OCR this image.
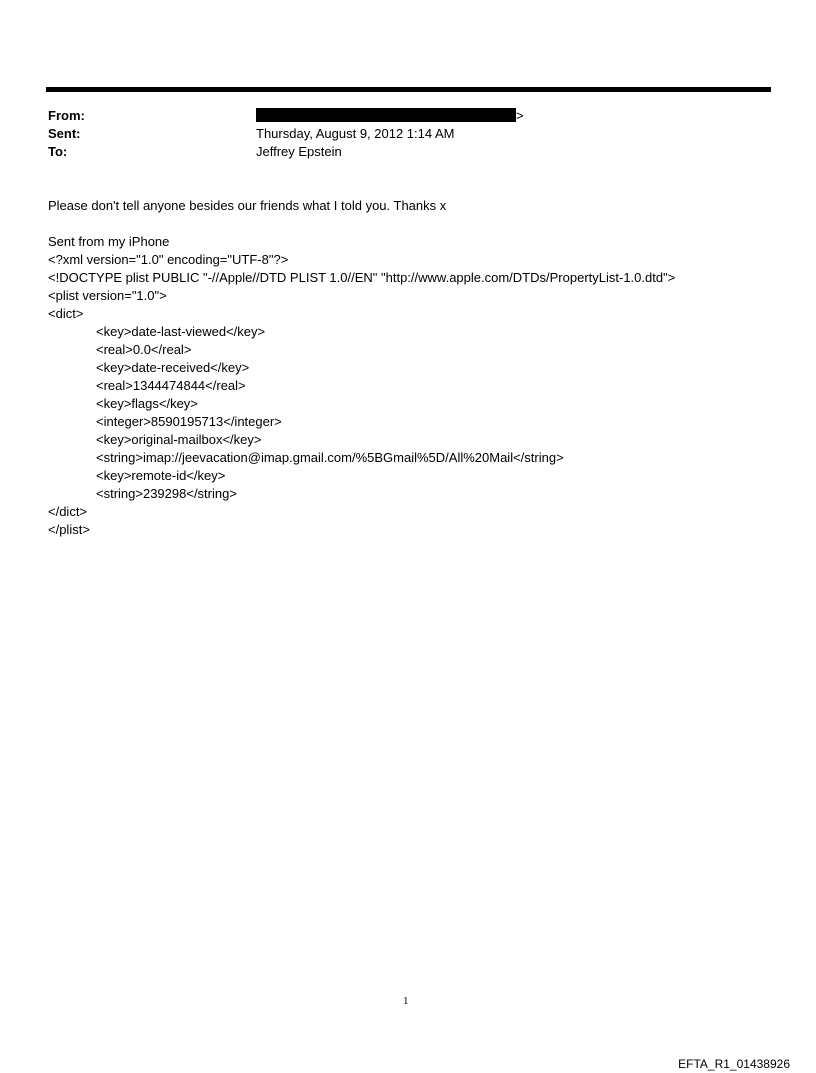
From:	>
Sent:	Thursday, August 9, 2012 1:14 AM
To:	Jeffrey Epstein
Please don't tell anyone besides our friends what I told you. Thanks x
Sent from my iPhone
<?xml version="1.0" encoding="UTF-8"?>
<!DOCTYPE plist PUBLIC "-//Apple//DTD PLIST 1.0//EN" "http://www.apple.com/DTDs/PropertyList-1.0.dtd">
<plist version="1.0">
<dict>
<key>date-last-viewed</key>
<real>0.0</real>
<key>date-received</key>
<real>1344474844</real>
<key>flags</key>
<integer>8590195713</integer>
<key>original-mailbox</key>
<string>imap://jeevacation@imap.gmail.com/%5BGmail%5D/All%20Mail</string>
<key>remote-id</key>
<string>239298</string>
</dict>
</plist>
1
EFTA_R1_01438926
